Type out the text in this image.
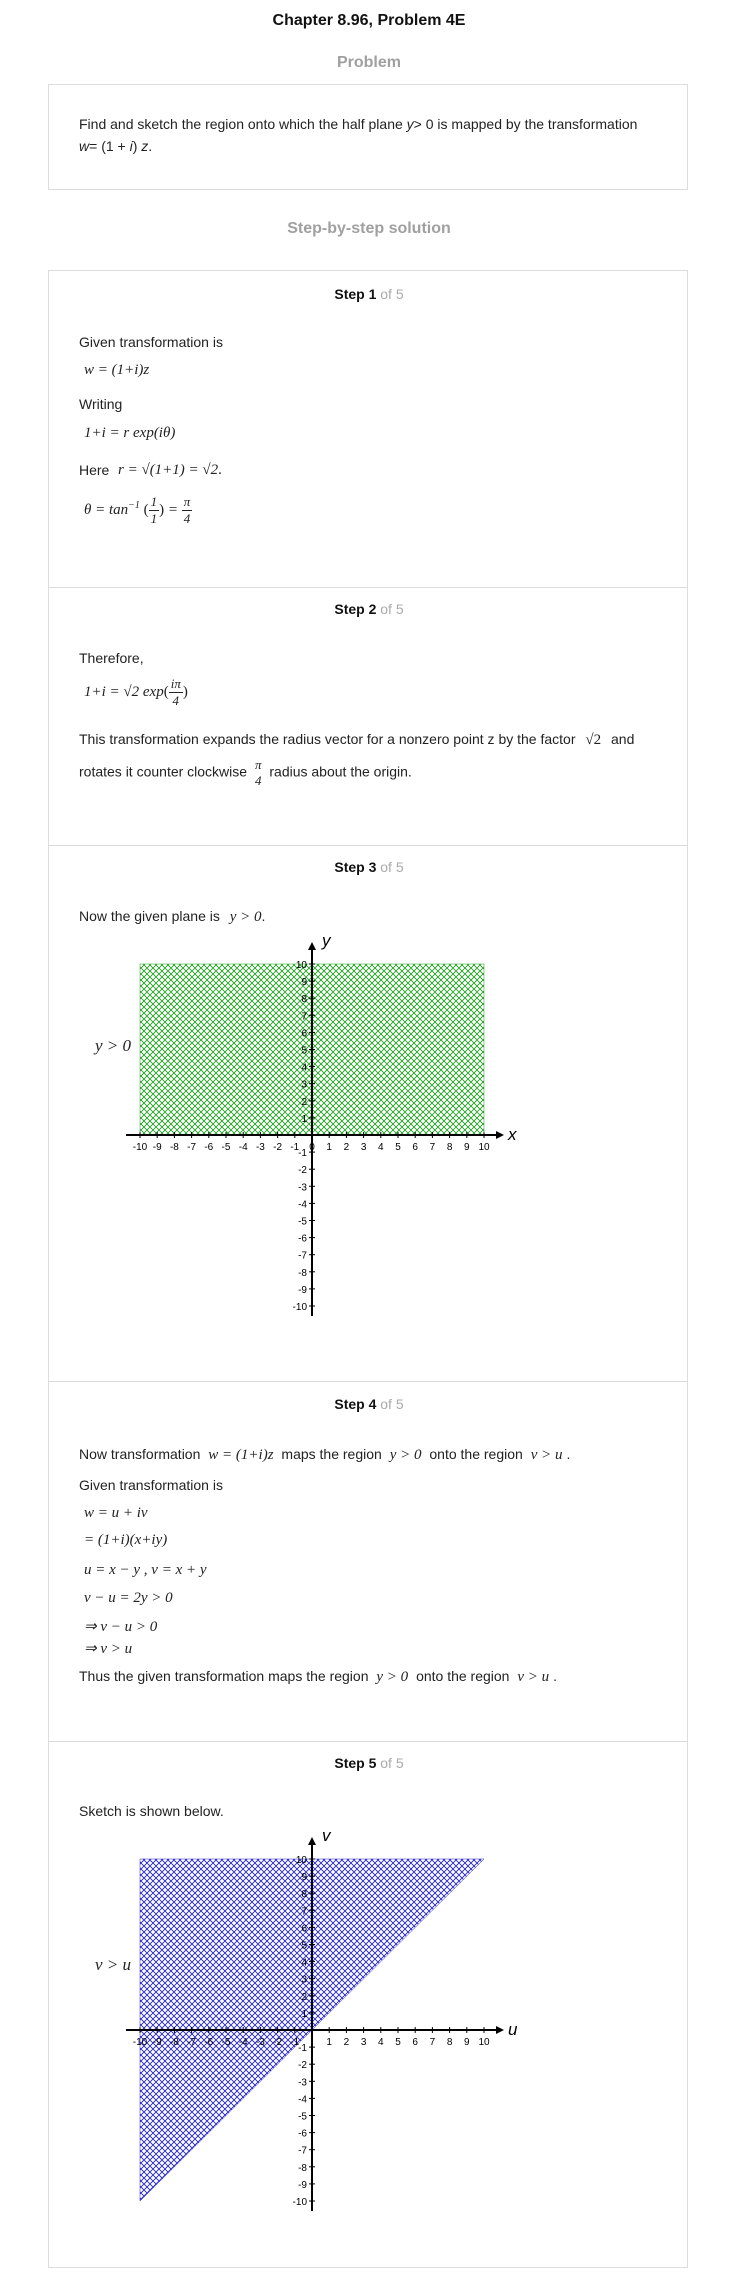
Chapter 8.96, Problem 4E
Problem
Find and sketch the region onto which the half plane y> 0 is mapped by the transformation
w= (1 + i) z.
Step-by-step solution
Step 1 of 5
Given transformation is
w = (1+i)z
Writing
1+i = r exp(iθ)
Here r = √(1+1) = √2.
$\theta = \tan^{-1}$ ( $\frac{1}{1}$ ) = $\frac{\pi}{4}$
Step 2 of 5
Therefore,
1+i = √2 $\exp( \frac{i\pi}{4}$ )
This transformation expands the radius vector for a nonzero point z by the factor √2 and
rotates it counter clockwise π
4
radius about the origin.
Step 3 of 5
Now the given plane is y > 0.
y > 0
x
y
-10 -9 -8 -7 -6 -5 -4 -3 -2 -1 0 1 2 3 4 5 6 7 8 9 10
-10
-9
-8
-7
-6
-5
-4
-3
-2
-1
1
2
3
4
5
6
7
8
9
10
Step 4 of 5
Now transformation w = (1+i)z maps the region y > 0 onto the region v > u .
Given transformation is
w = u + iv
= (1+i)(x+iy)
u = x − y , v = x + y
v − u = 2y > 0
⇒ v − u > 0
⇒ v > u
Thus the given transformation maps the region y > 0 onto the region v > u .
Step 5 of 5
Sketch is shown below.
v > u
u
v
-10 -9 -8 -7 -6 -5 -4 -3 -2 -1	1 2 3 4 5 6 7 8 9 10
-10
-9
-8
-7
-6
-5
-4
-3
-2
-1
1
2
3
4
5
6
7
8
9
10
